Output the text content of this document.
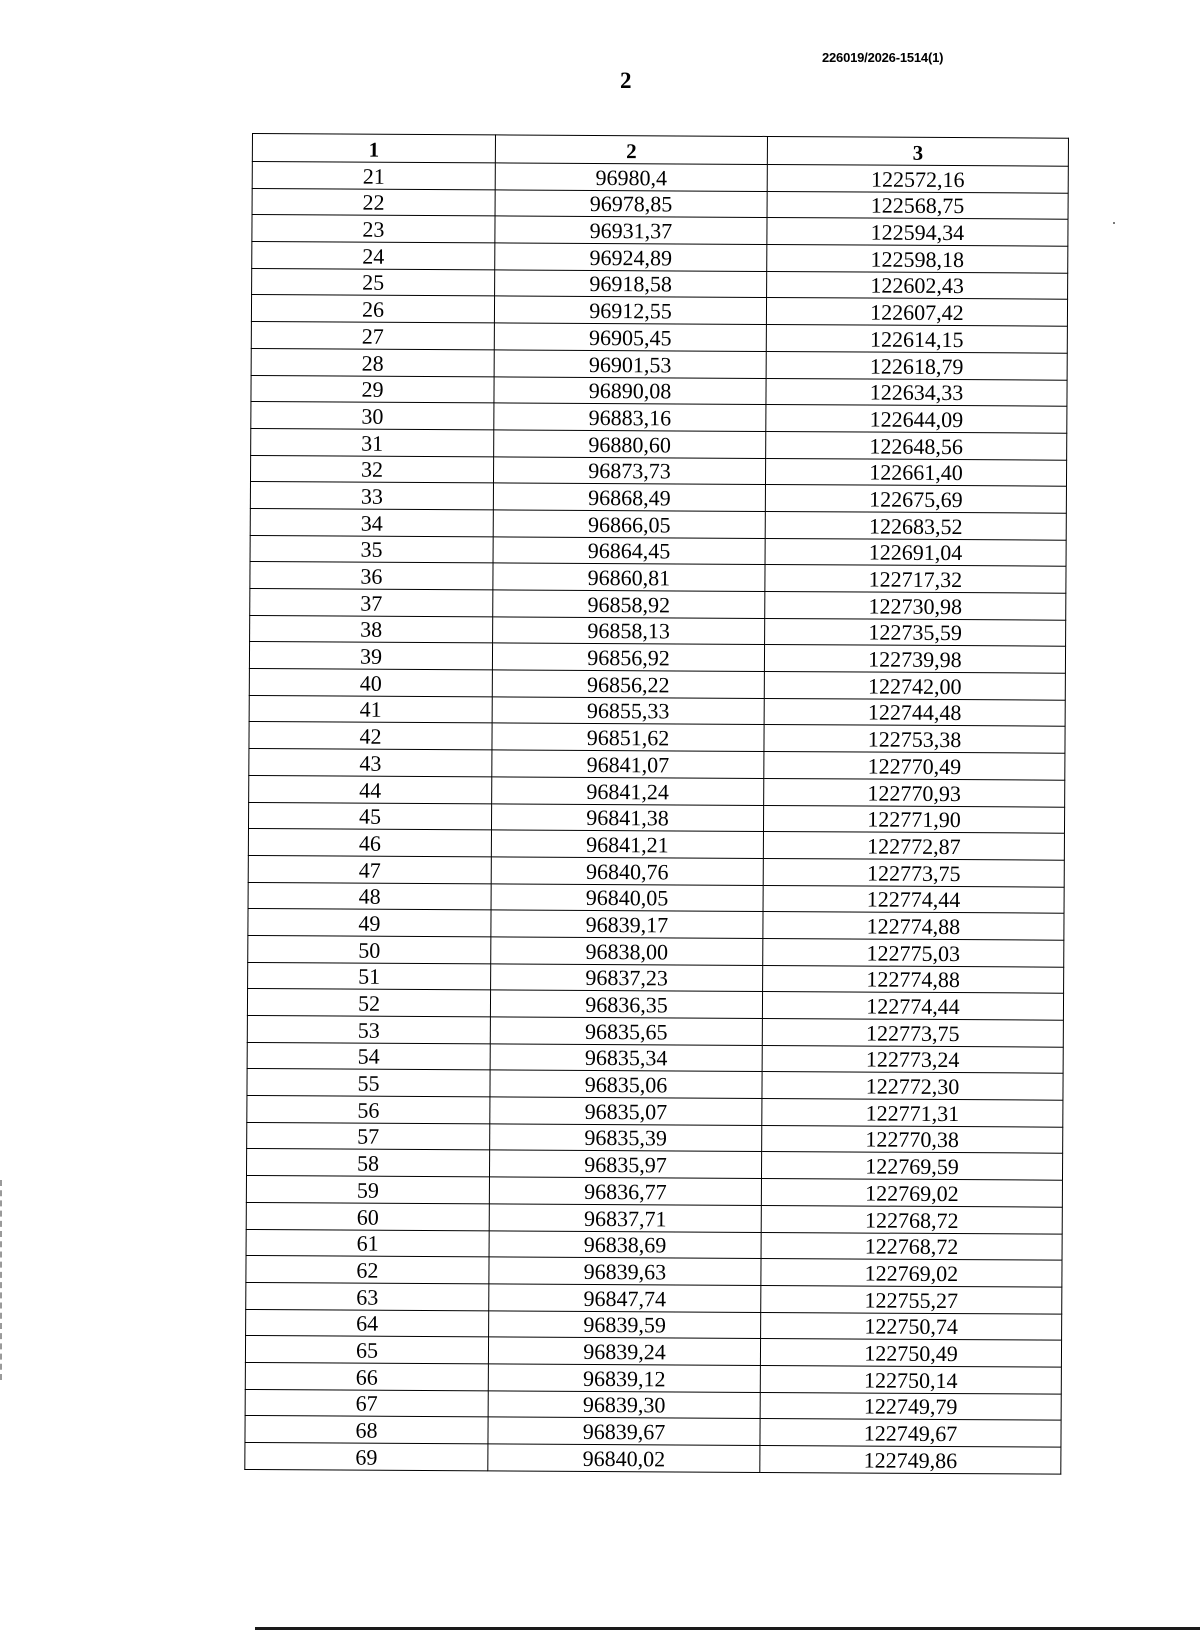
226019/2026-1514(1)
2
1	2	3
21	96980,4	122572,16
22	96978,85	122568,75
23	96931,37	122594,34
24	96924,89	122598,18
25	96918,58	122602,43
26	96912,55	122607,42
27	96905,45	122614,15
28	96901,53	122618,79
29	96890,08	122634,33
30	96883,16	122644,09
31	96880,60	122648,56
32	96873,73	122661,40
33	96868,49	122675,69
34	96866,05	122683,52
35	96864,45	122691,04
36	96860,81	122717,32
37	96858,92	122730,98
38	96858,13	122735,59
39	96856,92	122739,98
40	96856,22	122742,00
41	96855,33	122744,48
42	96851,62	122753,38
43	96841,07	122770,49
44	96841,24	122770,93
45	96841,38	122771,90
46	96841,21	122772,87
47	96840,76	122773,75
48	96840,05	122774,44
49	96839,17	122774,88
50	96838,00	122775,03
51	96837,23	122774,88
52	96836,35	122774,44
53	96835,65	122773,75
54	96835,34	122773,24
55	96835,06	122772,30
56	96835,07	122771,31
57	96835,39	122770,38
58	96835,97	122769,59
59	96836,77	122769,02
60	96837,71	122768,72
61	96838,69	122768,72
62	96839,63	122769,02
63	96847,74	122755,27
64	96839,59	122750,74
65	96839,24	122750,49
66	96839,12	122750,14
67	96839,30	122749,79
68	96839,67	122749,67
69	96840,02	122749,86
